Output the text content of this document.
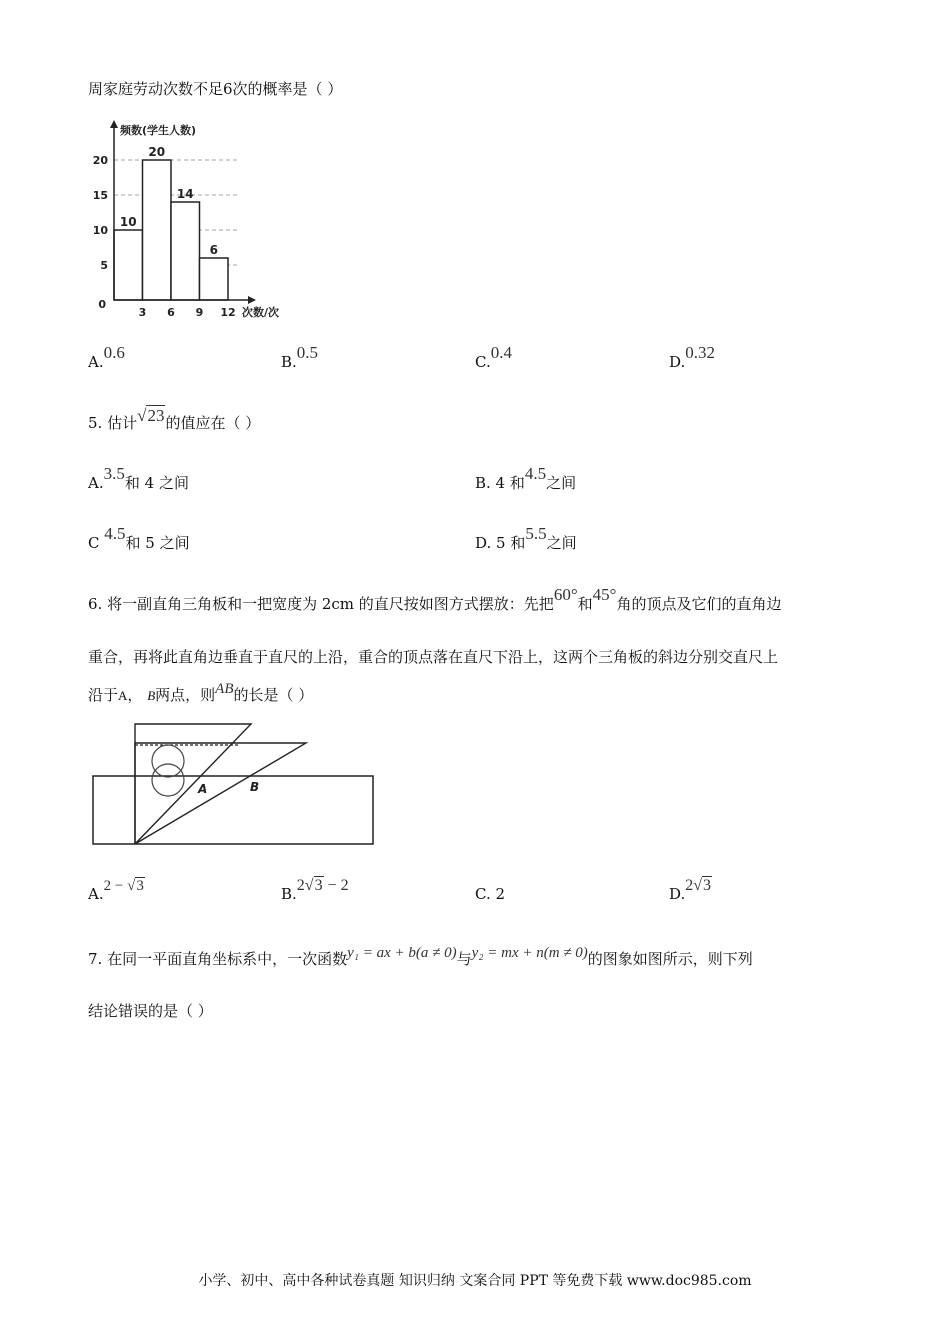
周家庭劳动次数不足6次的概率是（ ）
10
20
14
6
5
10
15
20
0
3 6 9 12
频数(学生人数)
次数/次
A.0.6	B.0.5	C.0.4	D.0.32
5. 估计√23的值应在（ ）
A.3.5和 4 之间	B. 4 和4.5之间
C 4.5和 5 之间	D. 5 和5.5之间
6. 将一副直角三角板和一把宽度为 2cm 的直尺按如图方式摆放：先把60°和45°角的顶点及它们的直角边
重合，再将此直角边垂直于直尺的上沿，重合的顶点落在直尺下沿上，这两个三角板的斜边分别交直尺上
沿于A， B两点，则AB的长是（ ）
A	B
A.2 − √3	B.2√3 − 2	C. 2	D.2√3
7. 在同一平面直角坐标系中，一次函数y₁ = ax + b(a ≠ 0)与y₂ = mx + n(m ≠ 0)的图象如图所示，则下列
结论错误的是（ ）
小学、初中、高中各种试卷真题 知识归纳 文案合同 PPT 等免费下载 www.doc985.com
